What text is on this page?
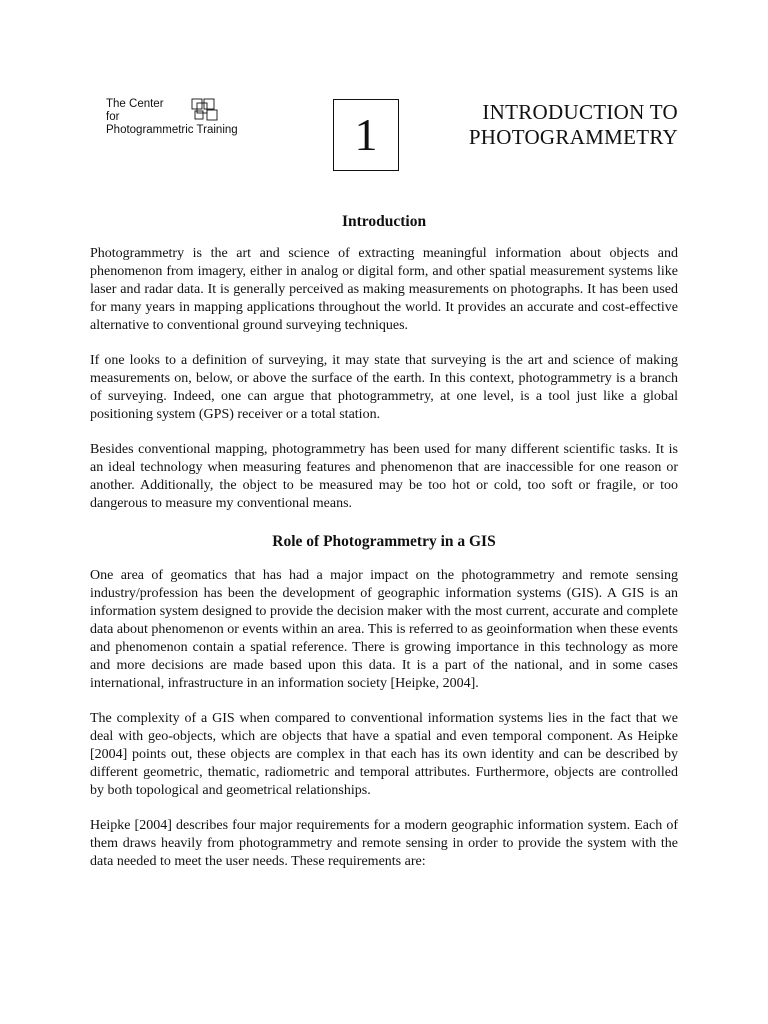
The Center
for
Photogrammetric Training	1	INTRODUCTION TO
PHOTOGRAMMETRY
Introduction

Photogrammetry is the art and science of extracting meaningful information about objects and phenomenon from imagery, either in analog or digital form, and other spatial measurement systems like laser and radar data. It is generally perceived as making measurements on photographs. It has been used for many years in mapping applications throughout the world. It provides an accurate and cost-effective alternative to conventional ground surveying techniques.

If one looks to a definition of surveying, it may state that surveying is the art and science of making measurements on, below, or above the surface of the earth. In this context, photogrammetry is a branch of surveying. Indeed, one can argue that photogrammetry, at one level, is a tool just like a global positioning system (GPS) receiver or a total station.

Besides conventional mapping, photogrammetry has been used for many different scientific tasks. It is an ideal technology when measuring features and phenomenon that are inaccessible for one reason or another. Additionally, the object to be measured may be too hot or cold, too soft or fragile, or too dangerous to measure my conventional means.

Role of Photogrammetry in a GIS

One area of geomatics that has had a major impact on the photogrammetry and remote sensing industry/profession has been the development of geographic information systems (GIS). A GIS is an information system designed to provide the decision maker with the most current, accurate and complete data about phenomenon or events within an area. This is referred to as geoinformation when these events and phenomenon contain a spatial reference. There is growing importance in this technology as more and more decisions are made based upon this data. It is a part of the national, and in some cases international, infrastructure in an information society [Heipke, 2004].

The complexity of a GIS when compared to conventional information systems lies in the fact that we deal with geo-objects, which are objects that have a spatial and even temporal component. As Heipke [2004] points out, these objects are complex in that each has its own identity and can be described by different geometric, thematic, radiometric and temporal attributes. Furthermore, objects are controlled by both topological and geometrical relationships.

Heipke [2004] describes four major requirements for a modern geographic information system. Each of them draws heavily from photogrammetry and remote sensing in order to provide the system with the data needed to meet the user needs. These requirements are:
